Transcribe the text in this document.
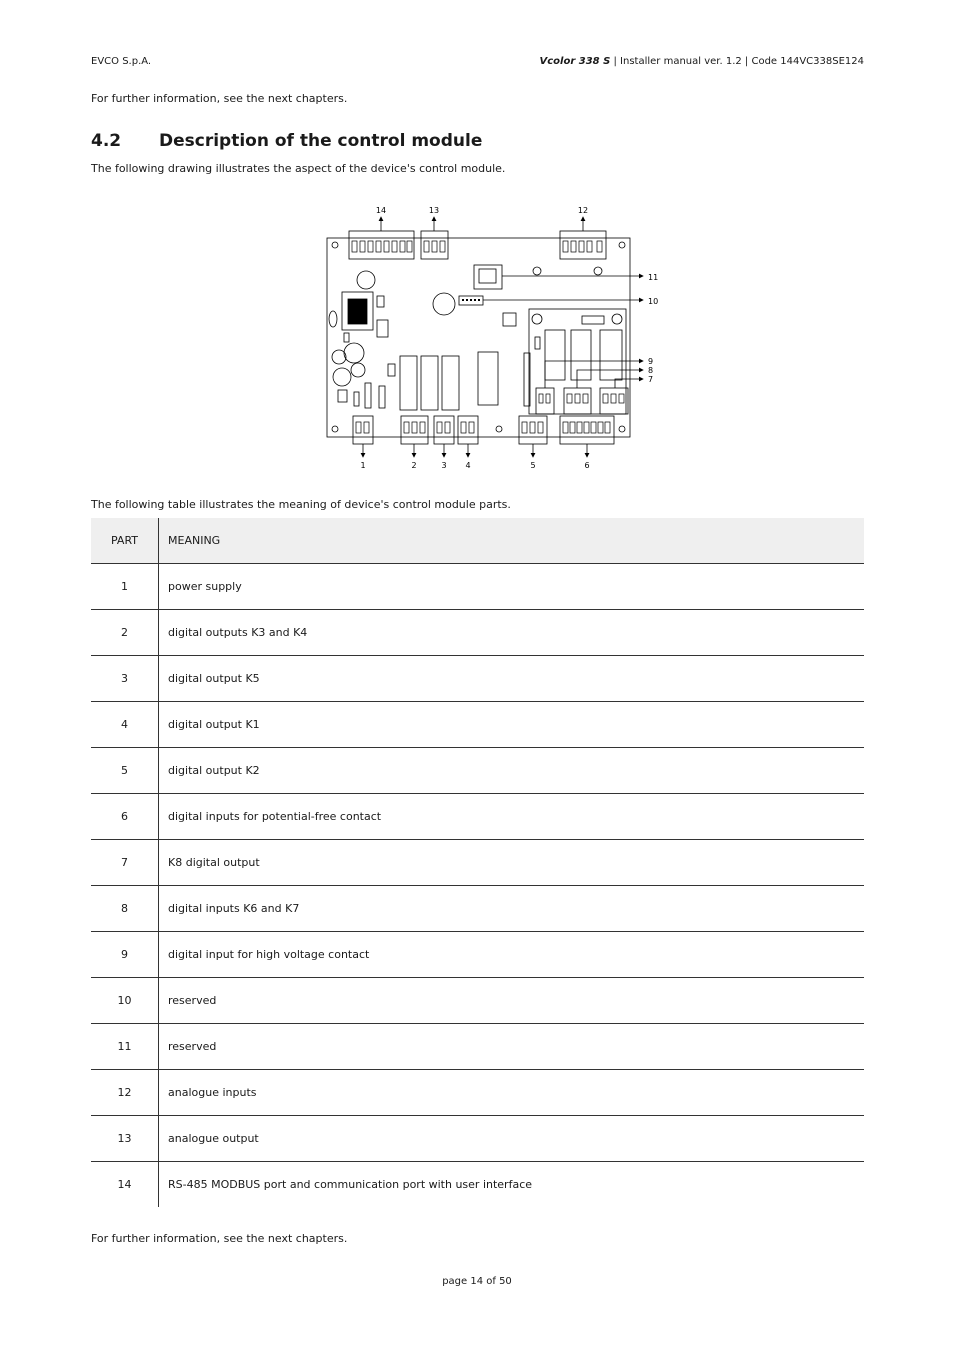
EVCO S.p.A.	Vcolor 338 S | Installer manual ver. 1.2 | Code 144VC338SE124
For further information, see the next chapters.
4.2 Description of the control module
The following drawing illustrates the aspect of the device's control module.
14	13	12
11
10
9
8
7
1	2	3 4	5	6
The following table illustrates the meaning of device's control module parts.
PART	MEANING
1	power supply
2	digital outputs K3 and K4
3	digital output K5
4	digital output K1
5	digital output K2
6	digital inputs for potential-free contact
7	K8 digital output
8	digital inputs K6 and K7
9	digital input for high voltage contact
10	reserved
11	reserved
12	analogue inputs
13	analogue output
14	RS-485 MODBUS port and communication port with user interface
For further information, see the next chapters.
page 14 of 50
